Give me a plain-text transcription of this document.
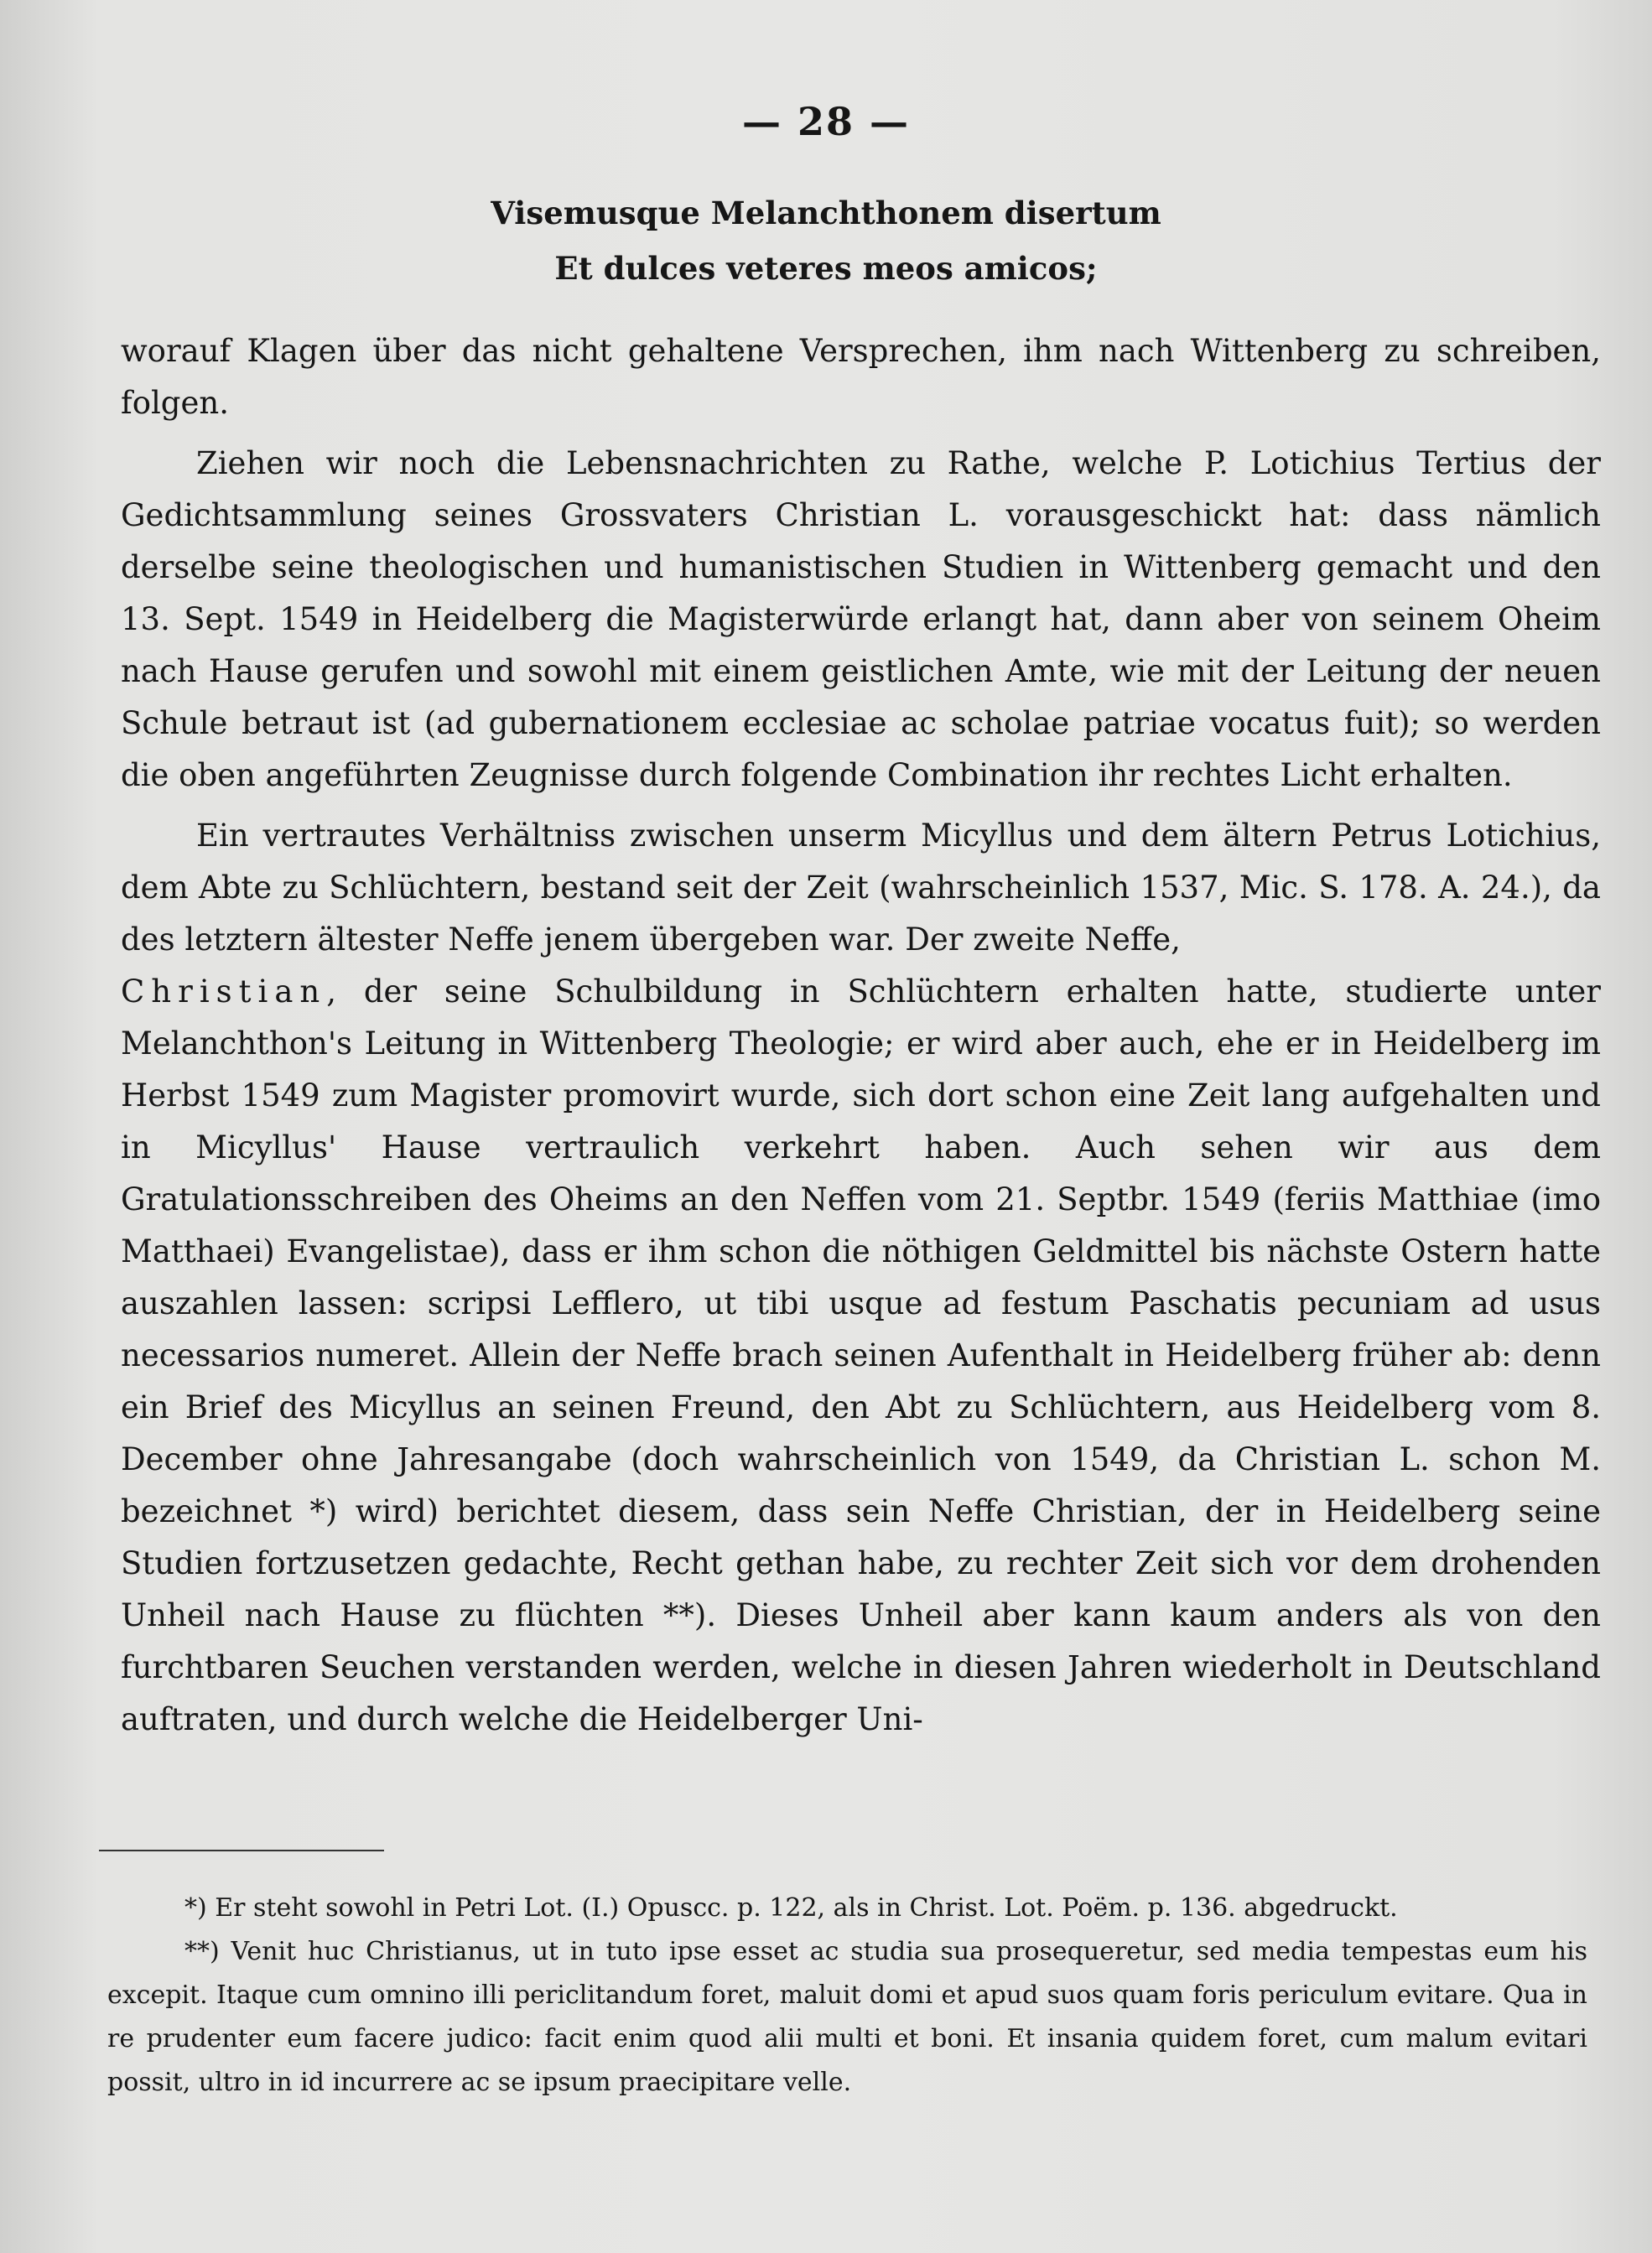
— 28 —
Visemusque Melanchthonem disertum
Et dulces veteres meos amicos;

worauf Klagen über das nicht gehaltene Versprechen, ihm nach Wittenberg zu schreiben, folgen.

Ziehen wir noch die Lebensnachrichten zu Rathe, welche P. Lotichius Tertius der Gedichtsammlung seines Grossvaters Christian L. vorausgeschickt hat: dass nämlich derselbe seine theologischen und humanistischen Studien in Wittenberg gemacht und den 13. Sept. 1549 in Heidelberg die Magisterwürde erlangt hat, dann aber von seinem Oheim nach Hause gerufen und sowohl mit einem geistlichen Amte, wie mit der Leitung der neuen Schule betraut ist (ad gubernationem ecclesiae ac scholae patriae vocatus fuit); so werden die oben angeführten Zeugnisse durch folgende Combination ihr rechtes Licht erhalten.

Ein vertrautes Verhältniss zwischen unserm Micyllus und dem ältern Petrus Lotichius, dem Abte zu Schlüchtern, bestand seit der Zeit (wahrscheinlich 1537, Mic. S. 178. A. 24.), da des letztern ältester Neffe jenem übergeben war. Der zweite Neffe,
Christian, der seine Schulbildung in Schlüchtern erhalten hatte, studierte unter Melanchthon's Leitung in Wittenberg Theologie; er wird aber auch, ehe er in Heidelberg im Herbst 1549 zum Magister promovirt wurde, sich dort schon eine Zeit lang aufgehalten und in Micyllus' Hause vertraulich verkehrt haben. Auch sehen wir aus dem Gratulationsschreiben des Oheims an den Neffen vom 21. Septbr. 1549 (feriis Matthiae (imo Matthaei) Evangelistae), dass er ihm schon die nöthigen Geldmittel bis nächste Ostern hatte auszahlen lassen: scripsi Lefflero, ut tibi usque ad festum Paschatis pecuniam ad usus necessarios numeret. Allein der Neffe brach seinen Aufenthalt in Heidelberg früher ab: denn ein Brief des Micyllus an seinen Freund, den Abt zu Schlüchtern, aus Heidelberg vom 8. December ohne Jahresangabe (doch wahrscheinlich von 1549, da Christian L. schon M. bezeichnet *) wird) berichtet diesem, dass sein Neffe Christian, der in Heidelberg seine Studien fortzusetzen gedachte, Recht gethan habe, zu rechter Zeit sich vor dem drohenden Unheil nach Hause zu flüchten **). Dieses Unheil aber kann kaum anders als von den furchtbaren Seuchen verstanden werden, welche in diesen Jahren wiederholt in Deutschland auftraten, und durch welche die Heidelberger Uni-

*) Er steht sowohl in Petri Lot. (I.) Opuscc. p. 122, als in Christ. Lot. Poëm. p. 136. abgedruckt.

**) Venit huc Christianus, ut in tuto ipse esset ac studia sua prosequeretur, sed media tempestas eum his excepit. Itaque cum omnino illi periclitandum foret, maluit domi et apud suos quam foris periculum evitare. Qua in re prudenter eum facere judico: facit enim quod alii multi et boni. Et insania quidem foret, cum malum evitari possit, ultro in id incurrere ac se ipsum praecipitare velle.
